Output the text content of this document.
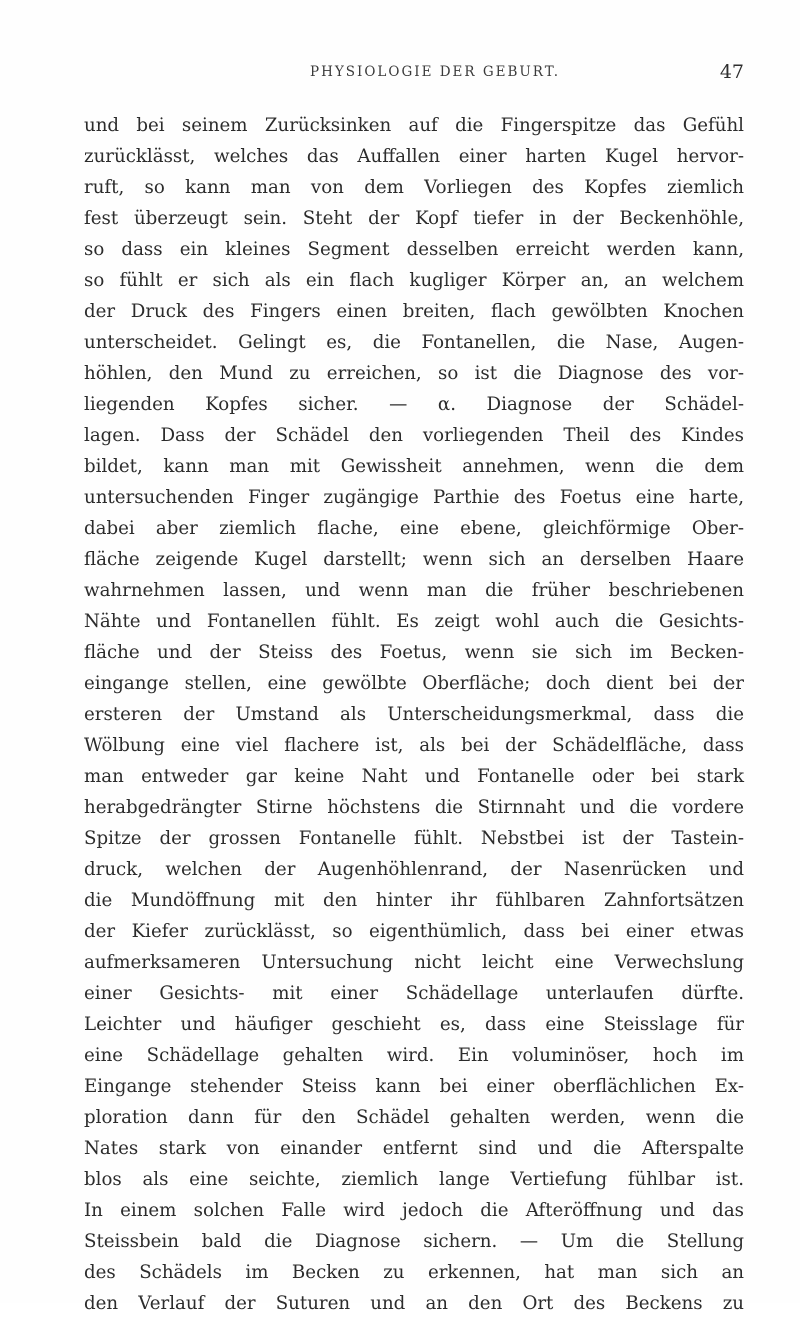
PHYSIOLOGIE DER GEBURT.	47
und bei seinem Zurücksinken auf die Fingerspitze das Gefühl
zurücklässt, welches das Auffallen einer harten Kugel hervor-
ruft, so kann man von dem Vorliegen des Kopfes ziemlich
fest überzeugt sein. Steht der Kopf tiefer in der Beckenhöhle,
so dass ein kleines Segment desselben erreicht werden kann,
so fühlt er sich als ein flach kugliger Körper an, an welchem
der Druck des Fingers einen breiten, flach gewölbten Knochen
unterscheidet. Gelingt es, die Fontanellen, die Nase, Augen-
höhlen, den Mund zu erreichen, so ist die Diagnose des vor-
liegenden Kopfes sicher. — α. Diagnose der Schädel-
lagen. Dass der Schädel den vorliegenden Theil des Kindes
bildet, kann man mit Gewissheit annehmen, wenn die dem
untersuchenden Finger zugängige Parthie des Foetus eine harte,
dabei aber ziemlich flache, eine ebene, gleichförmige Ober-
fläche zeigende Kugel darstellt; wenn sich an derselben Haare
wahrnehmen lassen, und wenn man die früher beschriebenen
Nähte und Fontanellen fühlt. Es zeigt wohl auch die Gesichts-
fläche und der Steiss des Foetus, wenn sie sich im Becken-
eingange stellen, eine gewölbte Oberfläche; doch dient bei der
ersteren der Umstand als Unterscheidungsmerkmal, dass die
Wölbung eine viel flachere ist, als bei der Schädelfläche, dass
man entweder gar keine Naht und Fontanelle oder bei stark
herabgedrängter Stirne höchstens die Stirnnaht und die vordere
Spitze der grossen Fontanelle fühlt. Nebstbei ist der Tastein-
druck, welchen der Augenhöhlenrand, der Nasenrücken und
die Mundöffnung mit den hinter ihr fühlbaren Zahnfortsätzen
der Kiefer zurücklässt, so eigenthümlich, dass bei einer etwas
aufmerksameren Untersuchung nicht leicht eine Verwechslung
einer Gesichts- mit einer Schädellage unterlaufen dürfte.
Leichter und häufiger geschieht es, dass eine Steisslage für
eine Schädellage gehalten wird. Ein voluminöser, hoch im
Eingange stehender Steiss kann bei einer oberflächlichen Ex-
ploration dann für den Schädel gehalten werden, wenn die
Nates stark von einander entfernt sind und die Afterspalte
blos als eine seichte, ziemlich lange Vertiefung fühlbar ist.
In einem solchen Falle wird jedoch die Afteröffnung und das
Steissbein bald die Diagnose sichern. — Um die Stellung
des Schädels im Becken zu erkennen, hat man sich an
den Verlauf der Suturen und an den Ort des Beckens zu
